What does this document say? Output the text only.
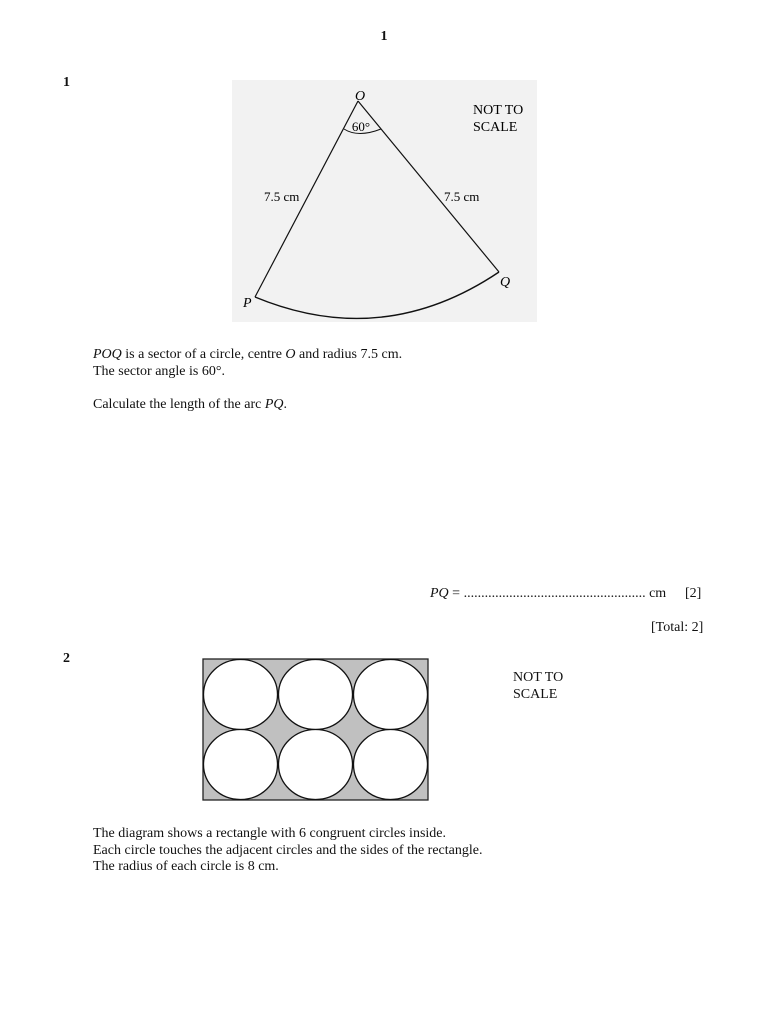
1
1
O
60°
7.5 cm	7.5 cm
P
Q
NOT TO
SCALE
POQ is a sector of a circle, centre O and radius 7.5 cm.
The sector angle is 60°.
Calculate the length of the arc PQ.
PQ = .................................................... cm [2]
[Total: 2]
2
NOT TO
SCALE
The diagram shows a rectangle with 6 congruent circles inside.
Each circle touches the adjacent circles and the sides of the rectangle.
The radius of each circle is 8 cm.
